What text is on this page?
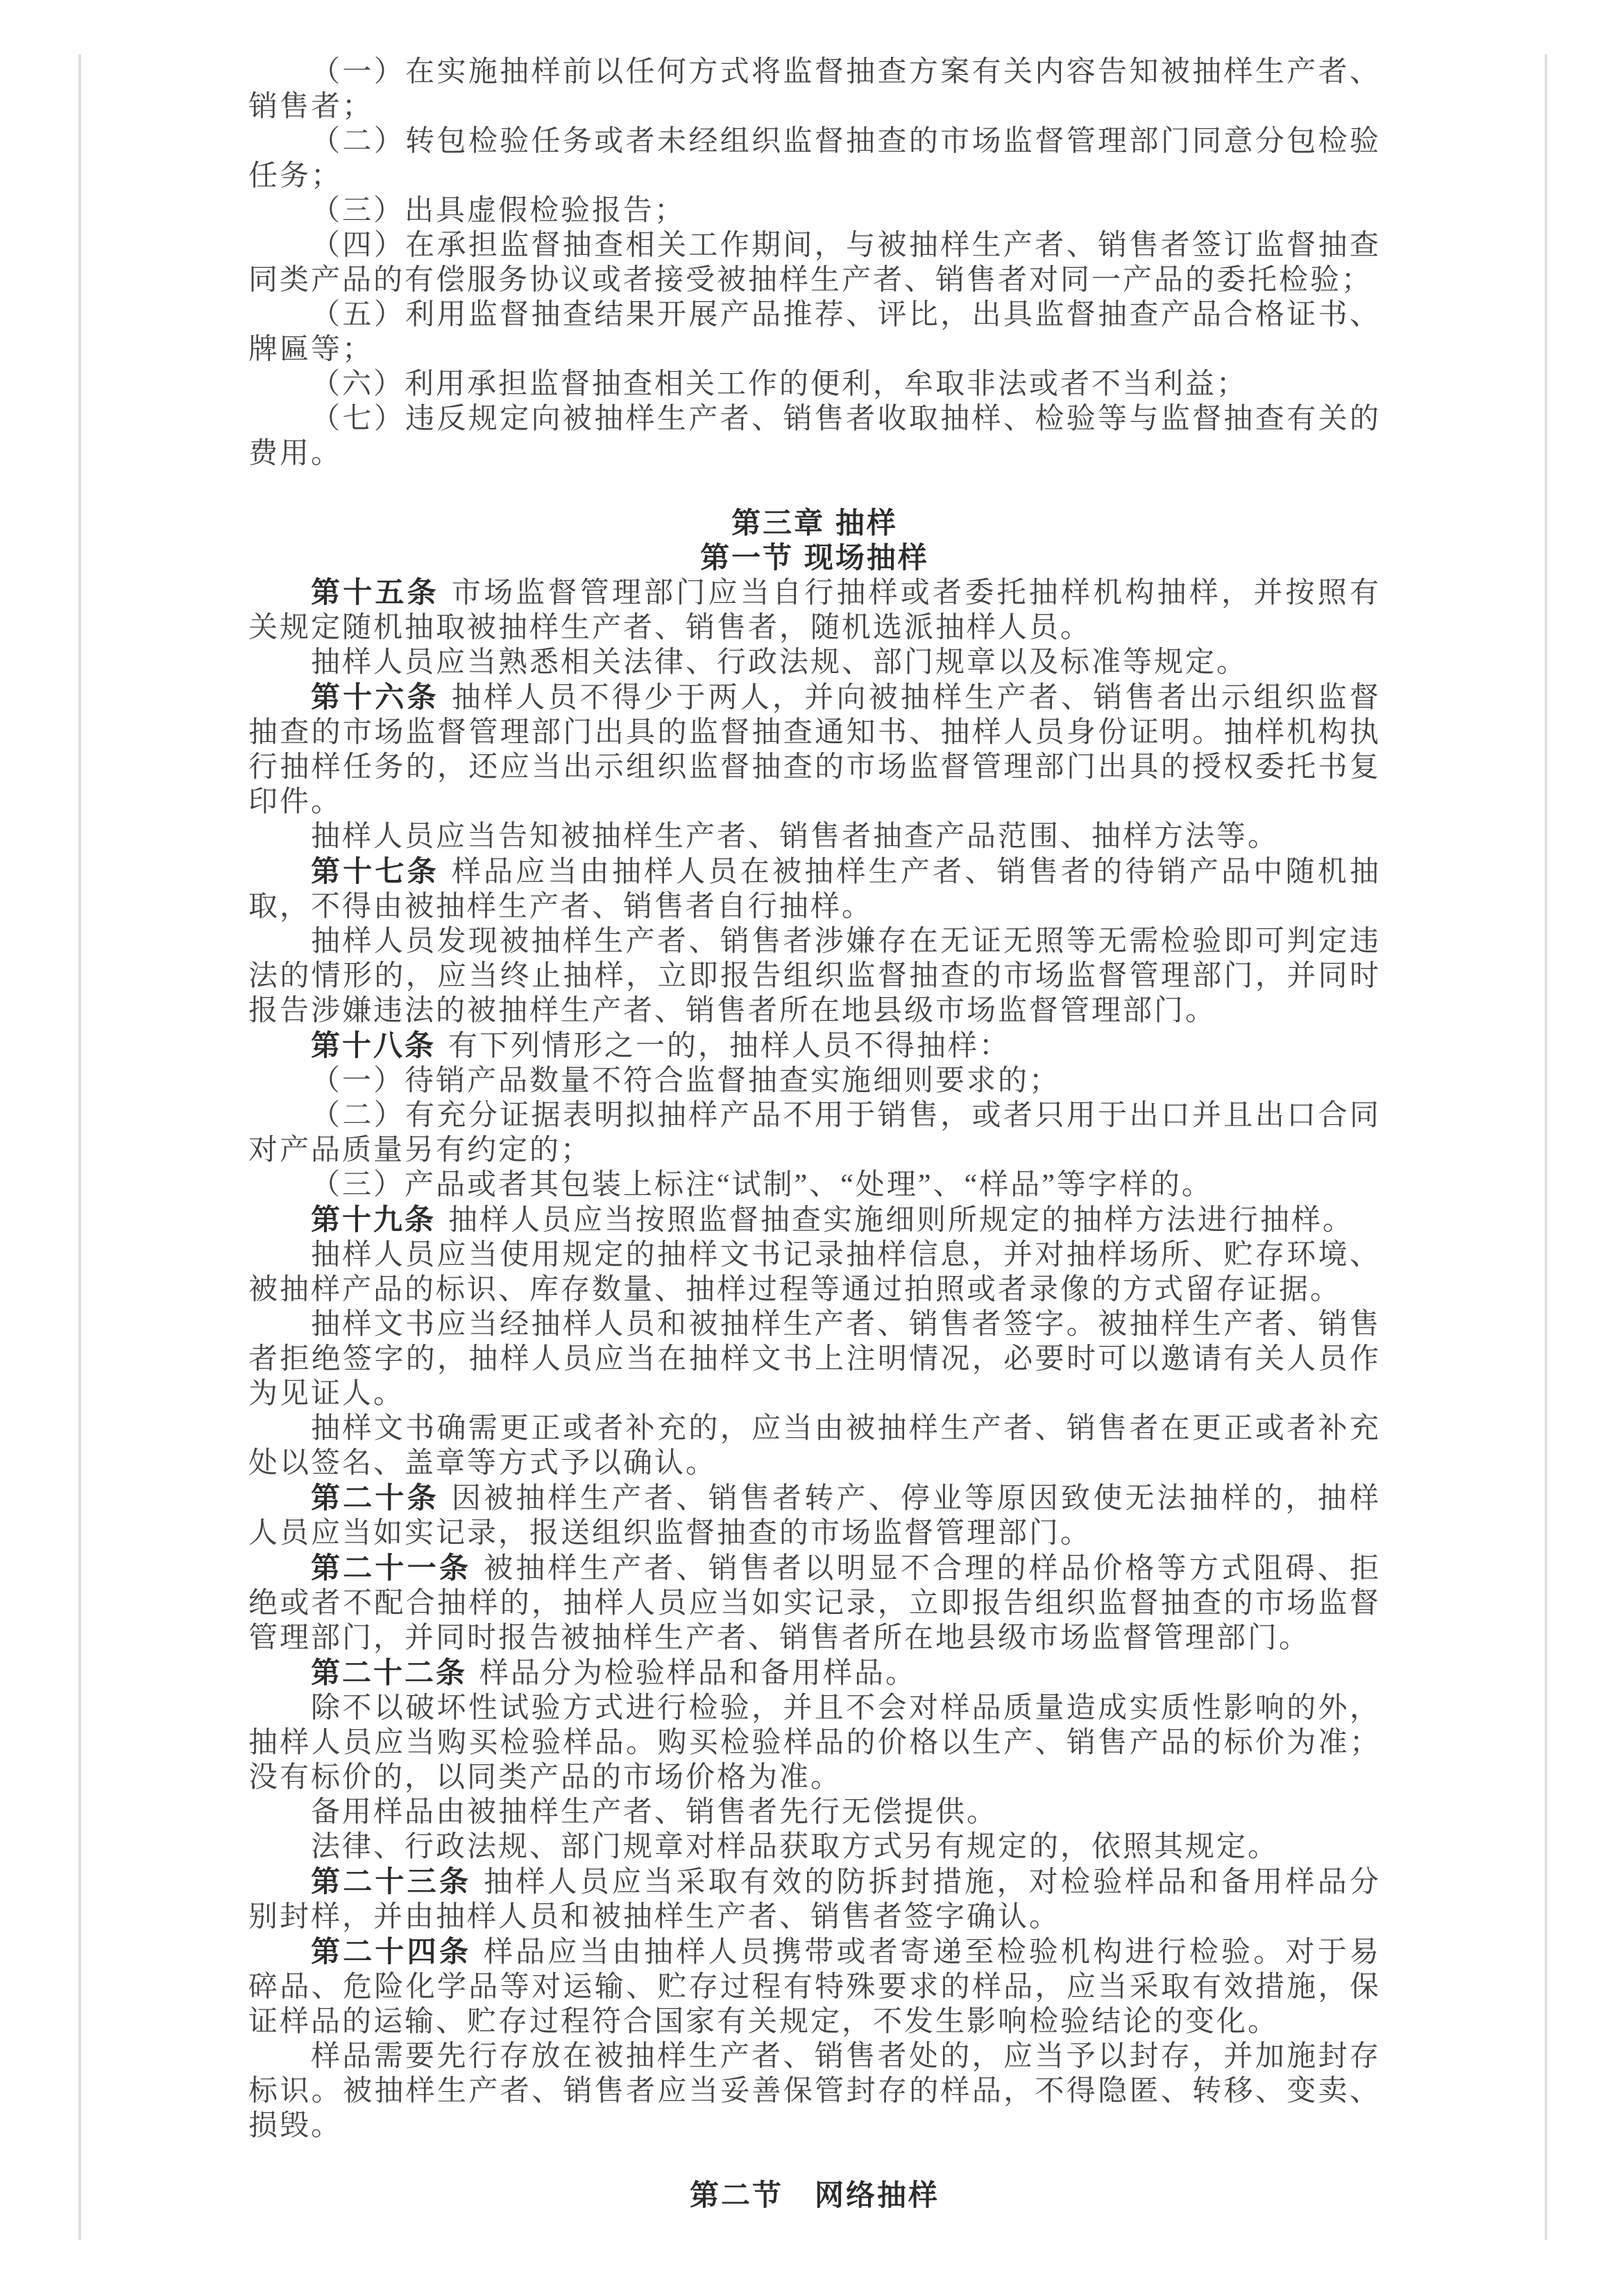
（一）在实施抽样前以任何方式将监督抽查方案有关内容告知被抽样生产者、销售者；

（二）转包检验任务或者未经组织监督抽查的市场监督管理部门同意分包检验任务；

（三）出具虚假检验报告；

（四）在承担监督抽查相关工作期间，与被抽样生产者、销售者签订监督抽查同类产品的有偿服务协议或者接受被抽样生产者、销售者对同一产品的委托检验；

（五）利用监督抽查结果开展产品推荐、评比，出具监督抽查产品合格证书、牌匾等；

（六）利用承担监督抽查相关工作的便利，牟取非法或者不当利益；

（七）违反规定向被抽样生产者、销售者收取抽样、检验等与监督抽查有关的费用。

第三章 抽样
第一节 现场抽样

第十五条 市场监督管理部门应当自行抽样或者委托抽样机构抽样，并按照有关规定随机抽取被抽样生产者、销售者，随机选派抽样人员。

抽样人员应当熟悉相关法律、行政法规、部门规章以及标准等规定。

第十六条 抽样人员不得少于两人，并向被抽样生产者、销售者出示组织监督抽查的市场监督管理部门出具的监督抽查通知书、抽样人员身份证明。抽样机构执行抽样任务的，还应当出示组织监督抽查的市场监督管理部门出具的授权委托书复印件。

抽样人员应当告知被抽样生产者、销售者抽查产品范围、抽样方法等。

第十七条 样品应当由抽样人员在被抽样生产者、销售者的待销产品中随机抽取，不得由被抽样生产者、销售者自行抽样。

抽样人员发现被抽样生产者、销售者涉嫌存在无证无照等无需检验即可判定违法的情形的，应当终止抽样，立即报告组织监督抽查的市场监督管理部门，并同时报告涉嫌违法的被抽样生产者、销售者所在地县级市场监督管理部门。

第十八条 有下列情形之一的，抽样人员不得抽样：

（一）待销产品数量不符合监督抽查实施细则要求的；

（二）有充分证据表明拟抽样产品不用于销售，或者只用于出口并且出口合同对产品质量另有约定的；

（三）产品或者其包装上标注“试制”、“处理”、“样品”等字样的。

第十九条 抽样人员应当按照监督抽查实施细则所规定的抽样方法进行抽样。

抽样人员应当使用规定的抽样文书记录抽样信息，并对抽样场所、贮存环境、被抽样产品的标识、库存数量、抽样过程等通过拍照或者录像的方式留存证据。

抽样文书应当经抽样人员和被抽样生产者、销售者签字。被抽样生产者、销售者拒绝签字的，抽样人员应当在抽样文书上注明情况，必要时可以邀请有关人员作为见证人。

抽样文书确需更正或者补充的，应当由被抽样生产者、销售者在更正或者补充处以签名、盖章等方式予以确认。

第二十条 因被抽样生产者、销售者转产、停业等原因致使无法抽样的，抽样人员应当如实记录，报送组织监督抽查的市场监督管理部门。

第二十一条 被抽样生产者、销售者以明显不合理的样品价格等方式阻碍、拒绝或者不配合抽样的，抽样人员应当如实记录，立即报告组织监督抽查的市场监督管理部门，并同时报告被抽样生产者、销售者所在地县级市场监督管理部门。

第二十二条 样品分为检验样品和备用样品。

除不以破坏性试验方式进行检验，并且不会对样品质量造成实质性影响的外，抽样人员应当购买检验样品。购买检验样品的价格以生产、销售产品的标价为准；没有标价的，以同类产品的市场价格为准。

备用样品由被抽样生产者、销售者先行无偿提供。

法律、行政法规、部门规章对样品获取方式另有规定的，依照其规定。

第二十三条 抽样人员应当采取有效的防拆封措施，对检验样品和备用样品分别封样，并由抽样人员和被抽样生产者、销售者签字确认。

第二十四条 样品应当由抽样人员携带或者寄递至检验机构进行检验。对于易碎品、危险化学品等对运输、贮存过程有特殊要求的样品，应当采取有效措施，保证样品的运输、贮存过程符合国家有关规定，不发生影响检验结论的变化。

样品需要先行存放在被抽样生产者、销售者处的，应当予以封存，并加施封存标识。被抽样生产者、销售者应当妥善保管封存的样品，不得隐匿、转移、变卖、损毁。

第二节　网络抽样
